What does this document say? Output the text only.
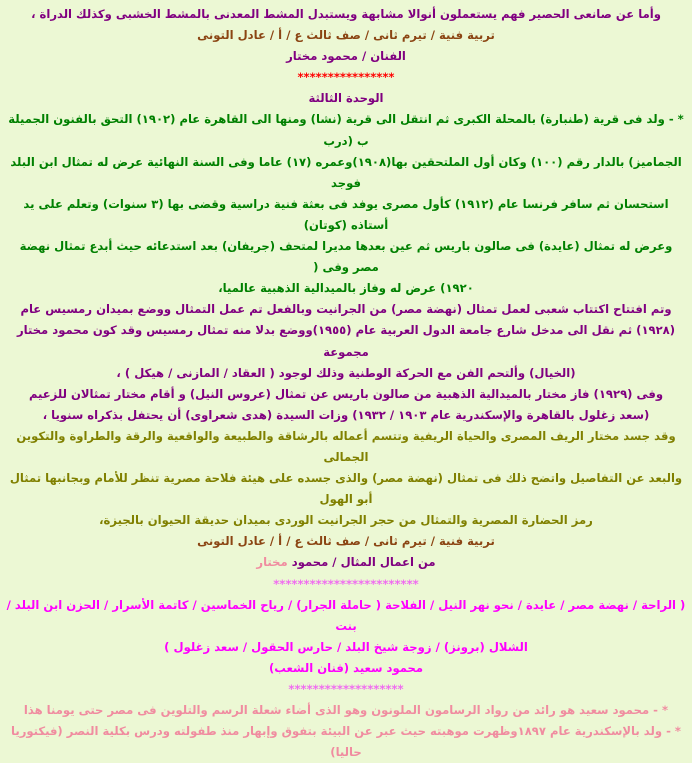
وأما عن صانعى الحصير فهم يستعملون أنوالا مشابهة ويستبدل المشط المعدنى بالمشط الخشبى وكذلك الدراة ،

تربية فنية / تيرم ثانى / صف ثالث ع / أ / عادل التونى

الفنان / محمود مختار

****************

الوحدة الثالثة

* - ولد فى قرية (طنبارة) بالمحلة الكبرى ثم انتقل الى قرية (نشا) ومنها الى القاهرة عام (١٩٠٢) التحق بالفنون الجميلة ب (درب

الجماميز) بالدار رقم (١٠٠) وكان أول الملتحقين بها(١٩٠٨)وعمره (١٧) عاما وفى السنة النهائية عرض له تمثال ابن البلد فوجد

استحسان ثم سافر فرنسا عام (١٩١٢) كأول مصرى يوفد فى بعثة فنية دراسية وقضى بها (٣ سنوات) وتعلم على يد أستاذه (كوتان)

وعرض له تمثال (عايدة) فى صالون باريس ثم عين بعدها مديرا لمتحف (جريفان) بعد استدعائه حيث أبدع تمثال نهضة مصر وفى (

١٩٢٠) عرض له وفاز بالميدالية الذهبية عالميا،

وتم افتتاح اكتتاب شعبى لعمل تمثال (نهضة مصر) من الجرانيت وبالفعل تم عمل التمثال ووضع بميدان رمسيس عام

(١٩٢٨) ثم نقل الى مدخل شارع جامعة الدول العربية عام (١٩٥٥)ووضع بدلا منه تمثال رمسيس وقد كون محمود مختار مجموعة

(الخيال) وألتحم الفن مع الحركة الوطنية وذلك لوجود ( العقاد / المازنى / هيكل ) ،

وفى (١٩٢٩) فاز مختار بالميدالية الذهبية من صالون باريس عن تمثال (عروس النيل) و أقام مختار تمثالان للزعيم

(سعد زغلول بالقاهرة والإسكندرية عام ١٩٠٣ / ١٩٣٢) وزات السيدة (هدى شعراوى) أن يحتفل بذكراه سنويا ،

وقد جسد مختار الريف المصرى والحياة الريفية وتتسم أعماله بالرشاقة والطبيعة والواقعية والرقة والطراوة والتكوين الجمالى

والبعد عن التفاصيل واتضح ذلك فى تمثال (نهضة مصر) والذى جسده على هيئة فلاحة مصرية تنظر للأمام وبجانبها تمثال أبو الهول

رمز الحضارة المصرية والتمثال من حجر الجرانيت الوردى بميدان حديقة الحيوان بالجيزة،

تربية فنية / تيرم ثانى / صف ثالث ع / أ / عادل التونى

من اعمال المثال / محمود مختار

************************

( الراحة / نهضة مصر / عايدة / نحو نهر النيل / الفلاحة ( حاملة الجرار) / رياح الخماسين / كاتمة الأسرار / الحزن ابن البلد / بنت

الشلال (برونز) / زوجة شيخ البلد / حارس الحقول / سعد زغلول )

محمود سعيد (فنان الشعب)

*******************

* - محمود سعيد هو رائد من رواد الرسامون الملونون وهو الذى أضاء شعلة الرسم والتلوين فى مصر حتى يومنا هذا

* - ولد بالإسكندرية عام ١٨٩٧وظهرت موهبته حيث عبر عن البيئة بتفوق وإبهار منذ طفولته ودرس بكلية النصر (فيكتوريا حاليا)
